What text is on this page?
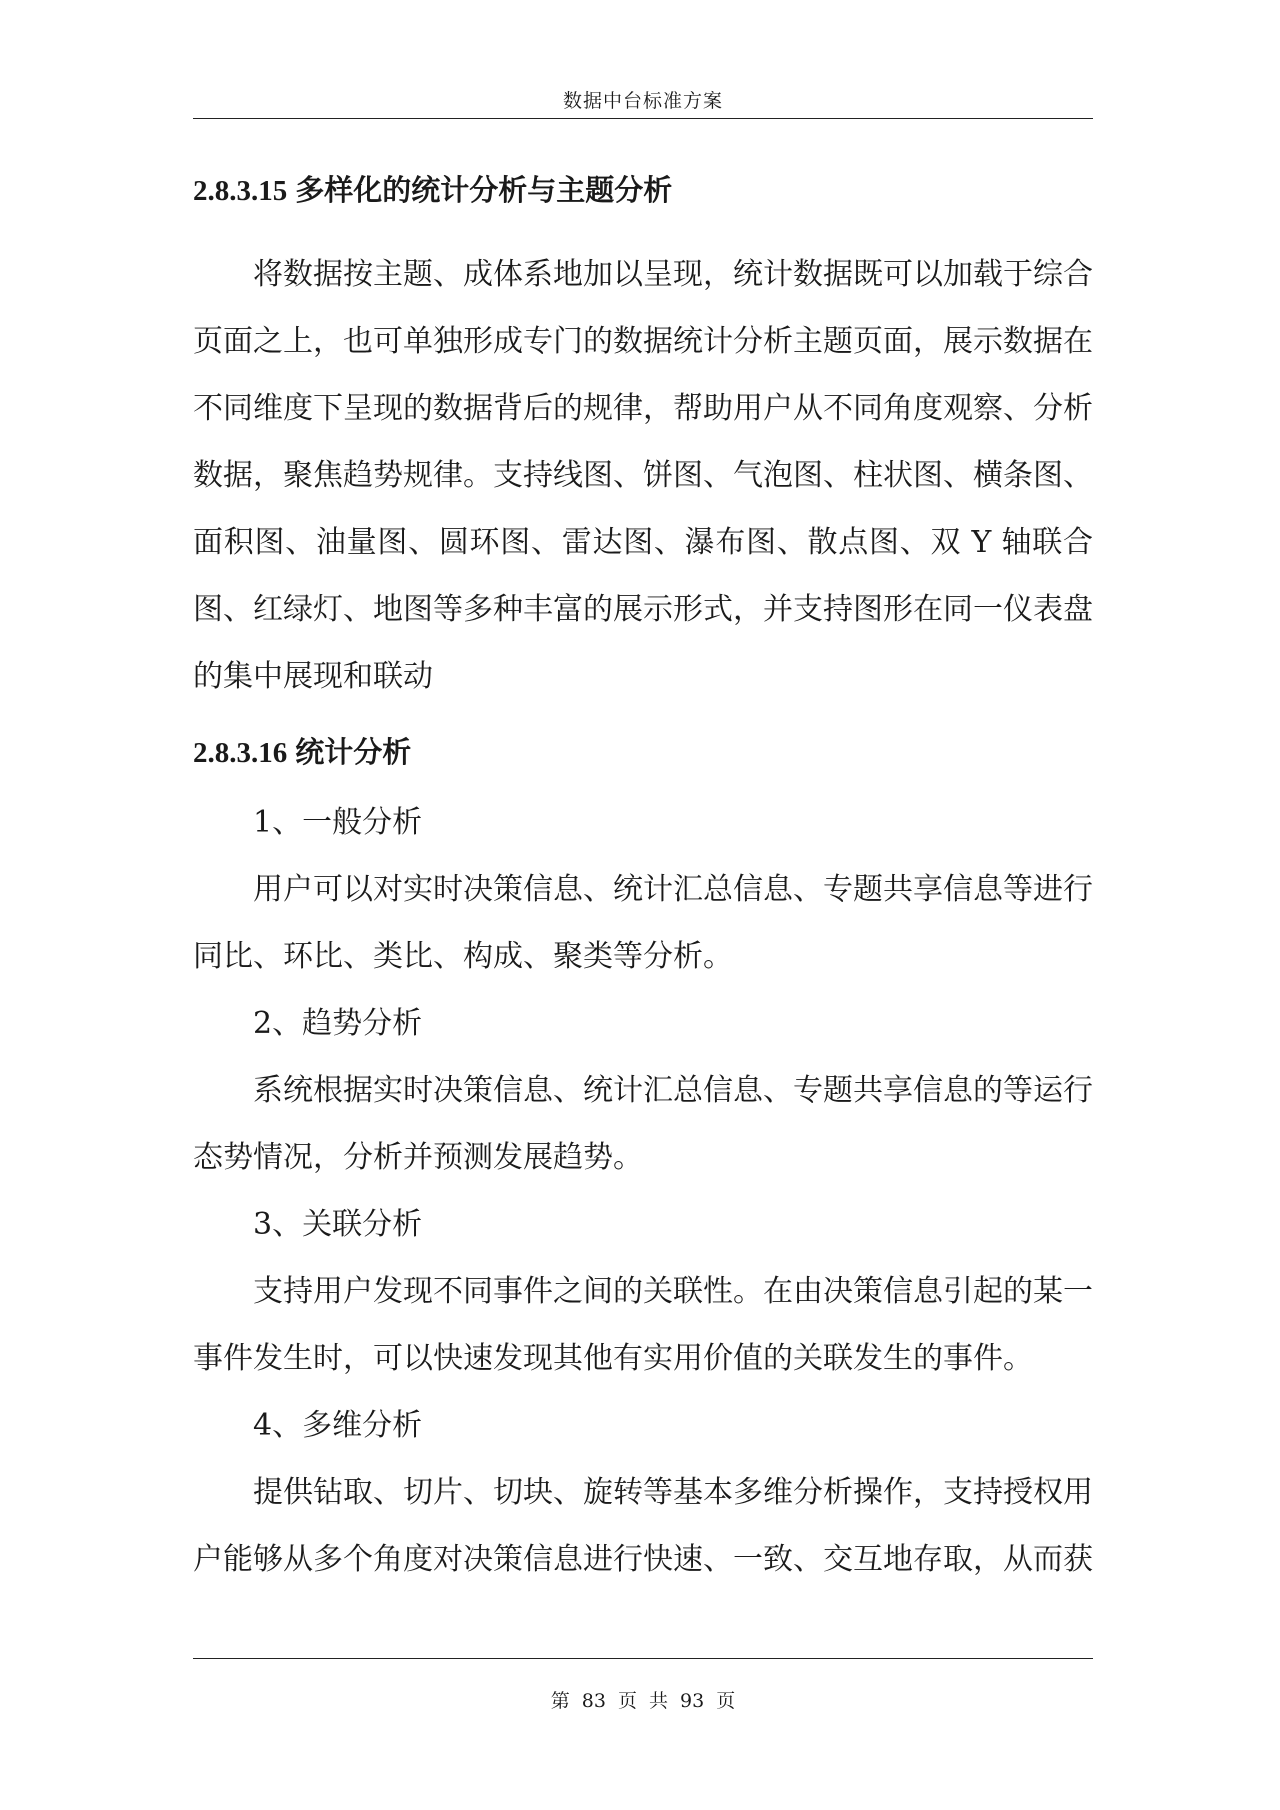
数据中台标准方案
2.8.3.15 多样化的统计分析与主题分析

将数据按主题、成体系地加以呈现，统计数据既可以加载于综合页面之上，也可单独形成专门的数据统计分析主题页面，展示数据在不同维度下呈现的数据背后的规律，帮助用户从不同角度观察、分析数据，聚焦趋势规律。支持线图、饼图、气泡图、柱状图、横条图、面积图、油量图、圆环图、雷达图、瀑布图、散点图、双 Y 轴联合图、红绿灯、地图等多种丰富的展示形式，并支持图形在同一仪表盘的集中展现和联动

2.8.3.16 统计分析

1、一般分析

用户可以对实时决策信息、统计汇总信息、专题共享信息等进行同比、环比、类比、构成、聚类等分析。

2、趋势分析

系统根据实时决策信息、统计汇总信息、专题共享信息的等运行态势情况，分析并预测发展趋势。

3、关联分析

支持用户发现不同事件之间的关联性。在由决策信息引起的某一事件发生时，可以快速发现其他有实用价值的关联发生的事件。

4、多维分析

提供钻取、切片、切块、旋转等基本多维分析操作，支持授权用户能够从多个角度对决策信息进行快速、一致、交互地存取，从而获

第 83 页 共 93 页
